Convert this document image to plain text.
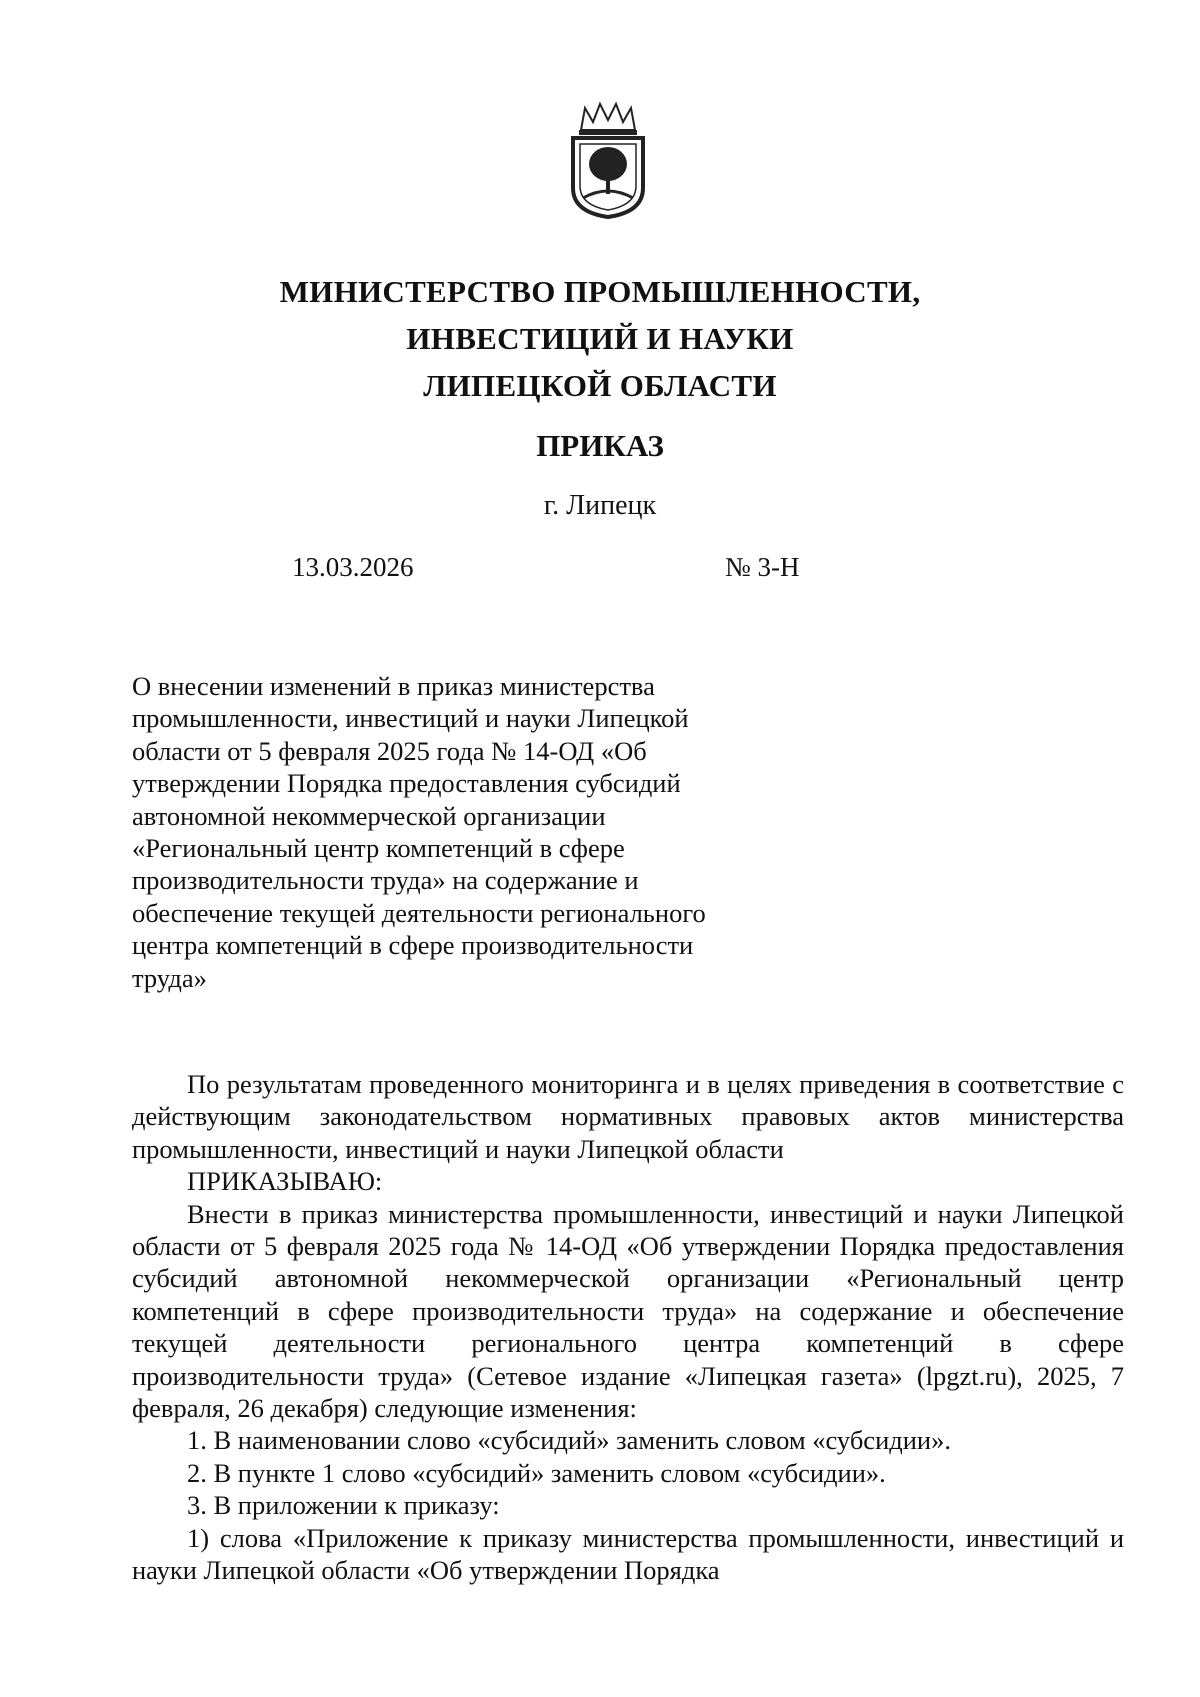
МИНИСТЕРСТВО ПРОМЫШЛЕННОСТИ,
ИНВЕСТИЦИЙ И НАУКИ
ЛИПЕЦКОЙ ОБЛАСТИ
ПРИКАЗ
г. Липецк
13.03.2026	№ 3-Н
О внесении изменений в приказ министерства промышленности, инвестиций и науки Липецкой области от 5 февраля 2025 года № 14-ОД «Об утверждении Порядка предоставления субсидий автономной некоммерческой организации «Региональный центр компетенций в сфере производительности труда» на содержание и обеспечение текущей деятельности регионального центра компетенций в сфере производительности труда»

По результатам проведенного мониторинга и в целях приведения в соответствие с действующим законодательством нормативных правовых актов министерства промышленности, инвестиций и науки Липецкой области

ПРИКАЗЫВАЮ:

Внести в приказ министерства промышленности, инвестиций и науки Липецкой области от 5 февраля 2025 года № 14-ОД «Об утверждении Порядка предоставления субсидий автономной некоммерческой организации «Региональный центр компетенций в сфере производительности труда» на содержание и обеспечение текущей деятельности регионального центра компетенций в сфере производительности труда» (Сетевое издание «Липецкая газета» (lpgzt.ru), 2025, 7 февраля, 26 декабря) следующие изменения:

1. В наименовании слово «субсидий» заменить словом «субсидии».

2. В пункте 1 слово «субсидий» заменить словом «субсидии».

3. В приложении к приказу:

1) слова «Приложение к приказу министерства промышленности, инвестиций и науки Липецкой области «Об утверждении Порядка
